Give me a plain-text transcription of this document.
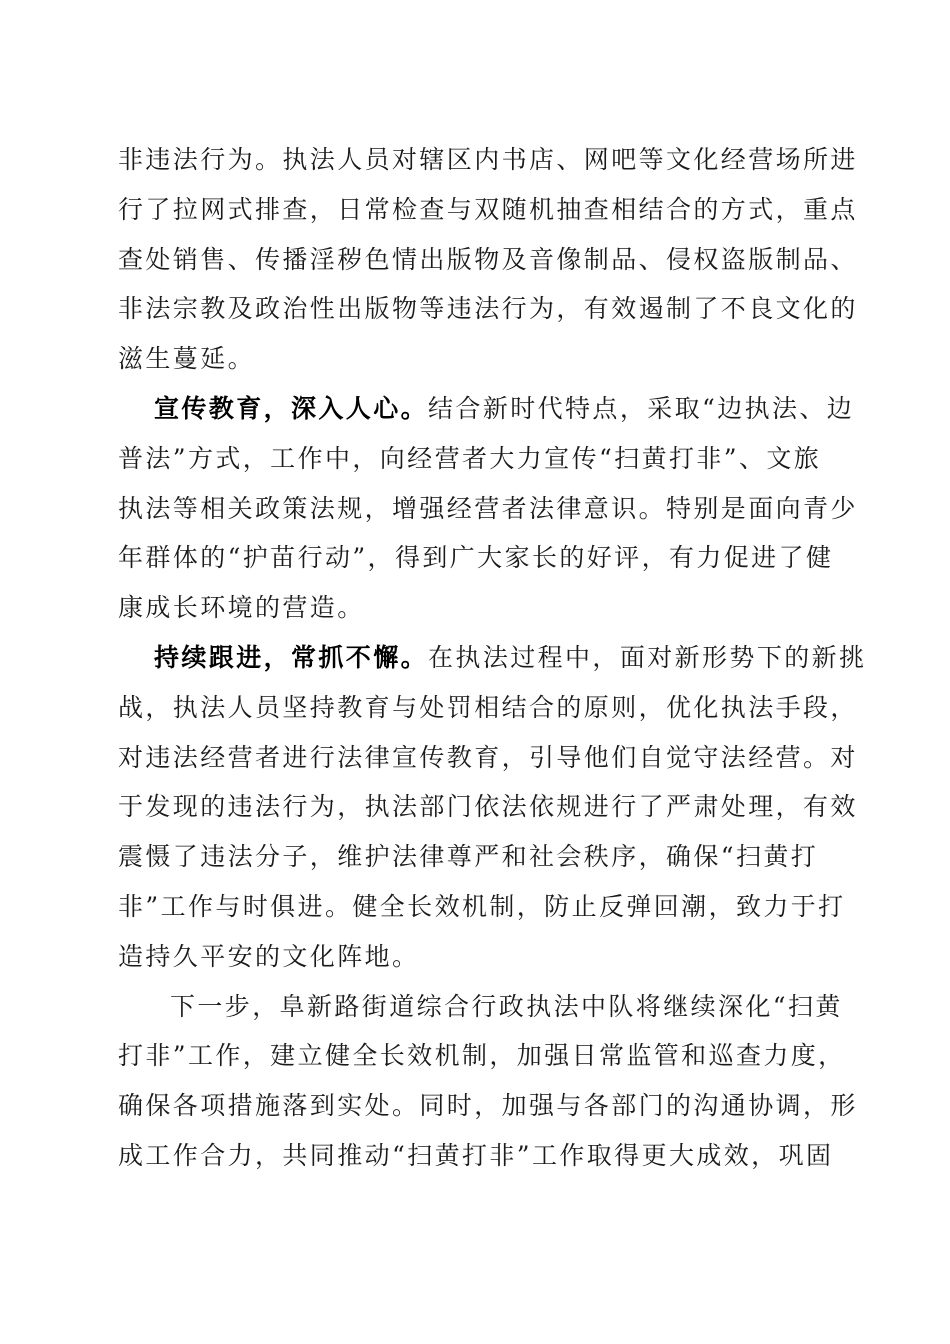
非违法行为。执法人员对辖区内书店、网吧等文化经营场所进
行了拉网式排查，日常检查与双随机抽查相结合的方式，重点
查处销售、传播淫秽色情出版物及音像制品、侵权盗版制品、
非法宗教及政治性出版物等违法行为，有效遏制了不良文化的
滋生蔓延。
宣传教育，深入人心。结合新时代特点，采取“边执法、边
普法”方式，工作中，向经营者大力宣传“扫黄打非”、文旅
执法等相关政策法规，增强经营者法律意识。特别是面向青少
年群体的“护苗行动”，得到广大家长的好评，有力促进了健
康成长环境的营造。
持续跟进，常抓不懈。在执法过程中，面对新形势下的新挑
战，执法人员坚持教育与处罚相结合的原则，优化执法手段，
对违法经营者进行法律宣传教育，引导他们自觉守法经营。对
于发现的违法行为，执法部门依法依规进行了严肃处理，有效
震慑了违法分子，维护法律尊严和社会秩序，确保“扫黄打
非”工作与时俱进。健全长效机制，防止反弹回潮，致力于打
造持久平安的文化阵地。
下一步，阜新路街道综合行政执法中队将继续深化“扫黄
打非”工作，建立健全长效机制，加强日常监管和巡查力度，
确保各项措施落到实处。同时，加强与各部门的沟通协调，形
成工作合力，共同推动“扫黄打非”工作取得更大成效，巩固
